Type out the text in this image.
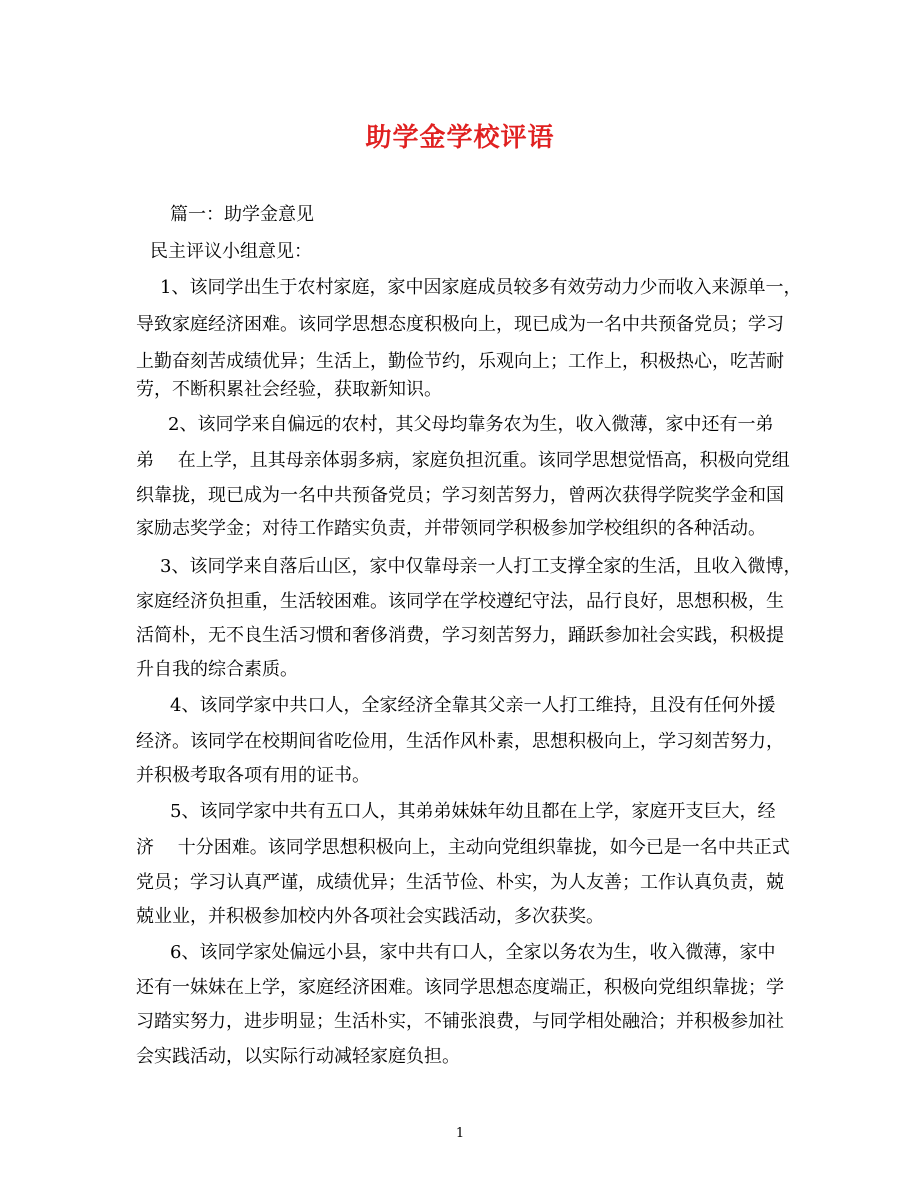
助学金学校评语
篇一：助学金意见
民主评议小组意见：
1、该同学出生于农村家庭，家中因家庭成员较多有效劳动力少而收入来源单一，
导致家庭经济困难。该同学思想态度积极向上，现已成为一名中共预备党员；学习
上勤奋刻苦成绩优异；生活上，勤俭节约，乐观向上；工作上，积极热心，吃苦耐
劳，不断积累社会经验，获取新知识。
2、该同学来自偏远的农村，其父母均靠务农为生，收入微薄，家中还有一弟
弟　 在上学，且其母亲体弱多病，家庭负担沉重。该同学思想觉悟高，积极向党组
织靠拢，现已成为一名中共预备党员；学习刻苦努力，曾两次获得学院奖学金和国
家励志奖学金；对待工作踏实负责，并带领同学积极参加学校组织的各种活动。
3、该同学来自落后山区，家中仅靠母亲一人打工支撑全家的生活，且收入微博，
家庭经济负担重，生活较困难。该同学在学校遵纪守法，品行良好，思想积极，生
活简朴，无不良生活习惯和奢侈消费，学习刻苦努力，踊跃参加社会实践，积极提
升自我的综合素质。
4、该同学家中共口人，全家经济全靠其父亲一人打工维持，且没有任何外援
经济。该同学在校期间省吃俭用，生活作风朴素，思想积极向上，学习刻苦努力，
并积极考取各项有用的证书。
5、该同学家中共有五口人，其弟弟妹妹年幼且都在上学，家庭开支巨大，经
济　 十分困难。该同学思想积极向上，主动向党组织靠拢，如今已是一名中共正式
党员；学习认真严谨，成绩优异；生活节俭、朴实，为人友善；工作认真负责，兢
兢业业，并积极参加校内外各项社会实践活动，多次获奖。
6、该同学家处偏远小县，家中共有口人，全家以务农为生，收入微薄，家中
还有一妹妹在上学，家庭经济困难。该同学思想态度端正，积极向党组织靠拢；学
习踏实努力，进步明显；生活朴实，不铺张浪费，与同学相处融洽；并积极参加社
会实践活动，以实际行动减轻家庭负担。
1
